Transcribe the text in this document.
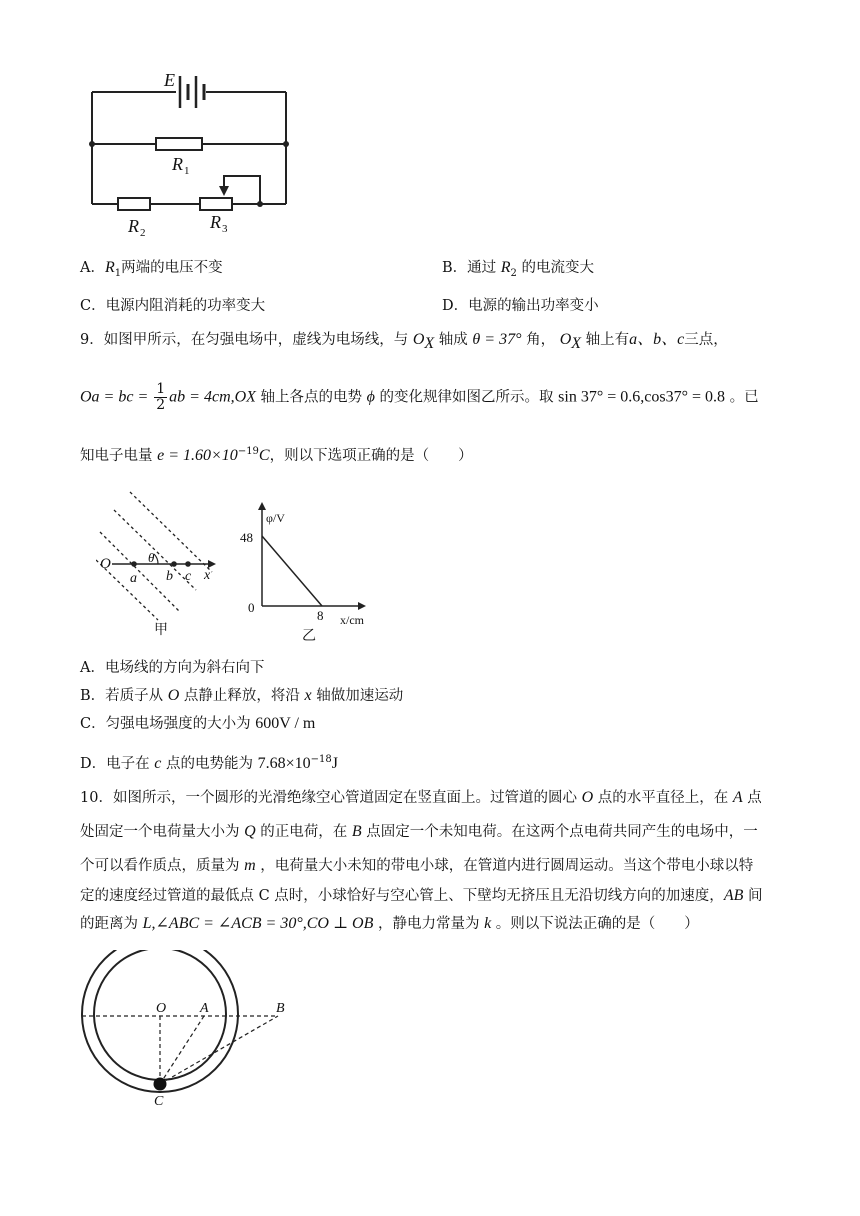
E
R 1
R 2
R 3
A．$R_1$两端的电压不变	B．通过 $R_2$ 的电流变大
C．电源内阻消耗的功率变大	D．电源的输出功率变小
9．如图甲所示，在匀强电场中，虚线为电场线，与 $O_X$ 轴成 θ = 37° 角， $O_X$ 轴上有a、b、c三点，
Oa = bc = $\frac{1}{2}$ ab = 4cm,OX 轴上各点的电势 ϕ 的变化规律如图乙所示。取 sin 37° = 0.6,cos37° = 0.8 。已
知电子电量 $e = 1.60\times 10^{-19}C$，则以下选项正确的是（　　）
O
a b c x
θ
甲
φ/V
x/cm
48
0
8
乙
A．电场线的方向为斜右向下
B．若质子从 O 点静止释放，将沿 x 轴做加速运动
C．匀强电场强度的大小为 600V / m
D．电子在 c 点的电势能为 $7.68\times 10^{-18}J$
10．如图所示，一个圆形的光滑绝缘空心管道固定在竖直面上。过管道的圆心 O 点的水平直径上，在 A 点
处固定一个电荷量大小为 Q 的正电荷，在 B 点固定一个未知电荷。在这两个点电荷共同产生的电场中，一
个可以看作质点，质量为 m ，电荷量大小未知的带电小球，在管道内进行圆周运动。当这个带电小球以特
定的速度经过管道的最低点 C 点时，小球恰好与空心管上、下壁均无挤压且无沿切线方向的加速度，AB 间
的距离为 L,∠ABC = ∠ACB = 30°,CO ⊥ OB ，静电力常量为 k 。则以下说法正确的是（　　）
O A	B
C
